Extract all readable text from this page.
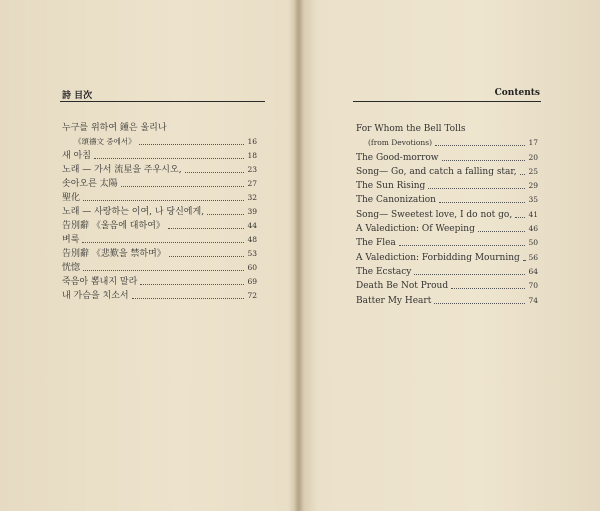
詩 目次	Contents
누구를 위하여 鍾은 울리나
《頌禱文 중에서》	16
새 아침	18
노래 — 가서 流星을 주우시오,	23
솟아오른 太陽	27
聖化	32
노래 — 사랑하는 이여, 나 당신에게,	39
告別辭 《울음에 대하여》	44
벼룩	48
告別辭 《悲歎을 禁하며》	53
恍惚	60
죽음아 뽐내지 말라	69
내 가슴을 치소서	72
For Whom the Bell Tolls
(from Devotions)	17
The Good-morrow	20
Song— Go, and catch a falling star, 25
The Sun Rising	29
The Canonization	35
Song— Sweetest love, I do not go, 41
A Valediction: Of Weeping	46
The Flea	50
A Valediction: Forbidding Mourning 56
The Ecstacy	64
Death Be Not Proud	70
Batter My Heart	74
